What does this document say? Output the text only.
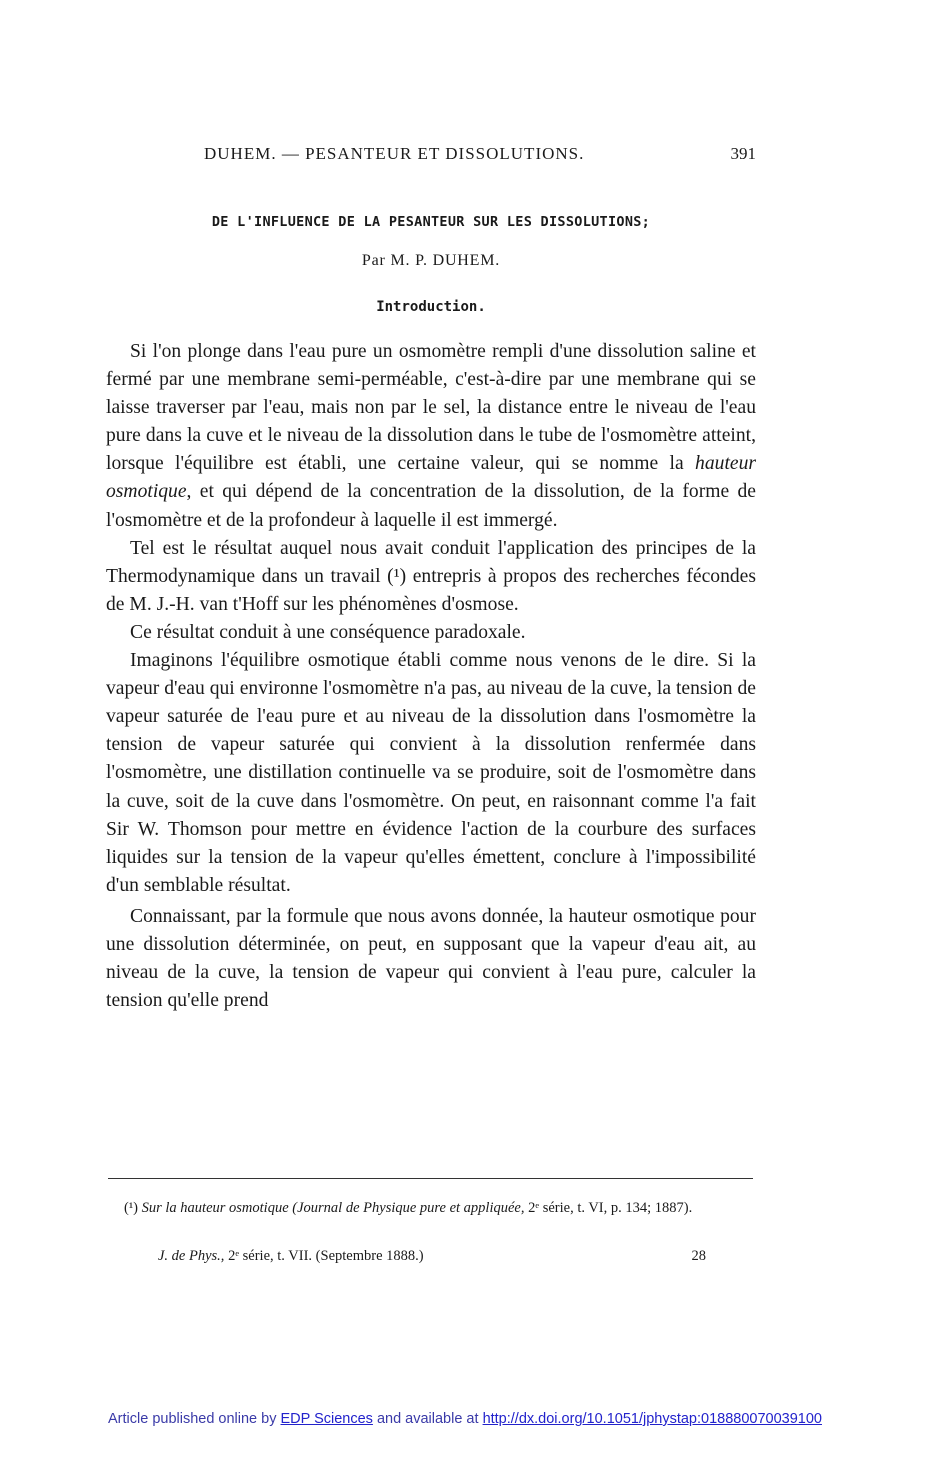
DUHEM. — PESANTEUR ET DISSOLUTIONS.	391
DE L'INFLUENCE DE LA PESANTEUR SUR LES DISSOLUTIONS;
Par M. P. DUHEM.
Introduction.

Si l'on plonge dans l'eau pure un osmomètre rempli d'une dissolution saline et fermé par une membrane semi-perméable, c'est-à-dire par une membrane qui se laisse traverser par l'eau, mais non par le sel, la distance entre le niveau de l'eau pure dans la cuve et le niveau de la dissolution dans le tube de l'osmomètre atteint, lorsque l'équilibre est établi, une certaine valeur, qui se nomme la hauteur osmotique, et qui dépend de la concentration de la dissolution, de la forme de l'osmomètre et de la profondeur à laquelle il est immergé.

Tel est le résultat auquel nous avait conduit l'application des principes de la Thermodynamique dans un travail (¹) entrepris à propos des recherches fécondes de M. J.-H. van t'Hoff sur les phénomènes d'osmose.

Ce résultat conduit à une conséquence paradoxale.

Imaginons l'équilibre osmotique établi comme nous venons de le dire. Si la vapeur d'eau qui environne l'osmomètre n'a pas, au niveau de la cuve, la tension de vapeur saturée de l'eau pure et au niveau de la dissolution dans l'osmomètre la tension de vapeur saturée qui convient à la dissolution renfermée dans l'osmomètre, une distillation continuelle va se produire, soit de l'osmomètre dans la cuve, soit de la cuve dans l'osmomètre. On peut, en raisonnant comme l'a fait Sir W. Thomson pour mettre en évidence l'action de la courbure des surfaces liquides sur la tension de la vapeur qu'elles émettent, conclure à l'impossibilité d'un semblable résultat.

Connaissant, par la formule que nous avons donnée, la hauteur osmotique pour une dissolution déterminée, on peut, en supposant que la vapeur d'eau ait, au niveau de la cuve, la tension de vapeur qui convient à l'eau pure, calculer la tension qu'elle prend

(¹) Sur la hauteur osmotique (Journal de Physique pure et appliquée, 2ᵉ série, t. VI, p. 134; 1887).

J. de Phys., 2ᵉ série, t. VII. (Septembre 1888.)	28
Article published online by EDP Sciences and available at http://dx.doi.org/10.1051/jphystap:018880070039100
